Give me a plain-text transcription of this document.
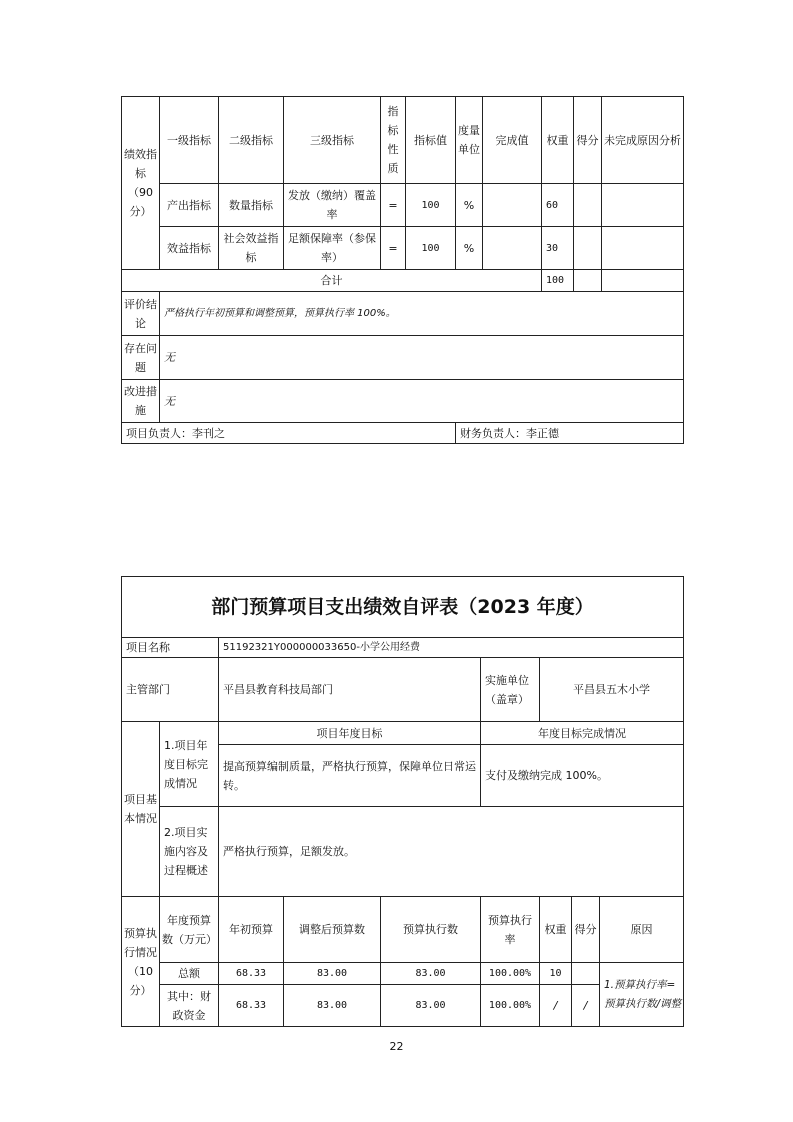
绩效指标（90分）	一级指标	二级指标	三级指标	指标性质	指标值	度量单位	完成值	权重	得分	未完成原因分析
	产出指标	数量指标	发放（缴纳）覆盖率	=	100	%		60		
	效益指标	社会效益指标	足额保障率（参保率）	=	100	%		30		
合计								100		
评价结论	严格执行年初预算和调整预算，预算执行率 100%。									
存在问题	无									
改进措施	无									
项目负责人：李刊之						财务负责人：李正德				
部门预算项目支出绩效自评表（2023 年度）								
项目名称		51192321Y000000033650-小学公用经费						
主管部门		平昌县教育科技局部门			实施单位（盖章）	平昌县五木小学		
项目基本情况	1.项目年度目标完成情况	项目年度目标			年度目标完成情况			
		提高预算编制质量，严格执行预算，保障单位日常运转。			支付及缴纳完成 100%。			
	2.项目实施内容及过程概述	严格执行预算，足额发放。						
预算执行情况（10分）	年度预算数（万元）	年初预算	调整后预算数	预算执行数	预算执行率	权重	得分	原因
	总额	68.33	83.00	83.00	100.00%	10		1.预算执行率=预算执行数/调整
	其中：财政资金	68.33	83.00	83.00	100.00%	/	/	
22
